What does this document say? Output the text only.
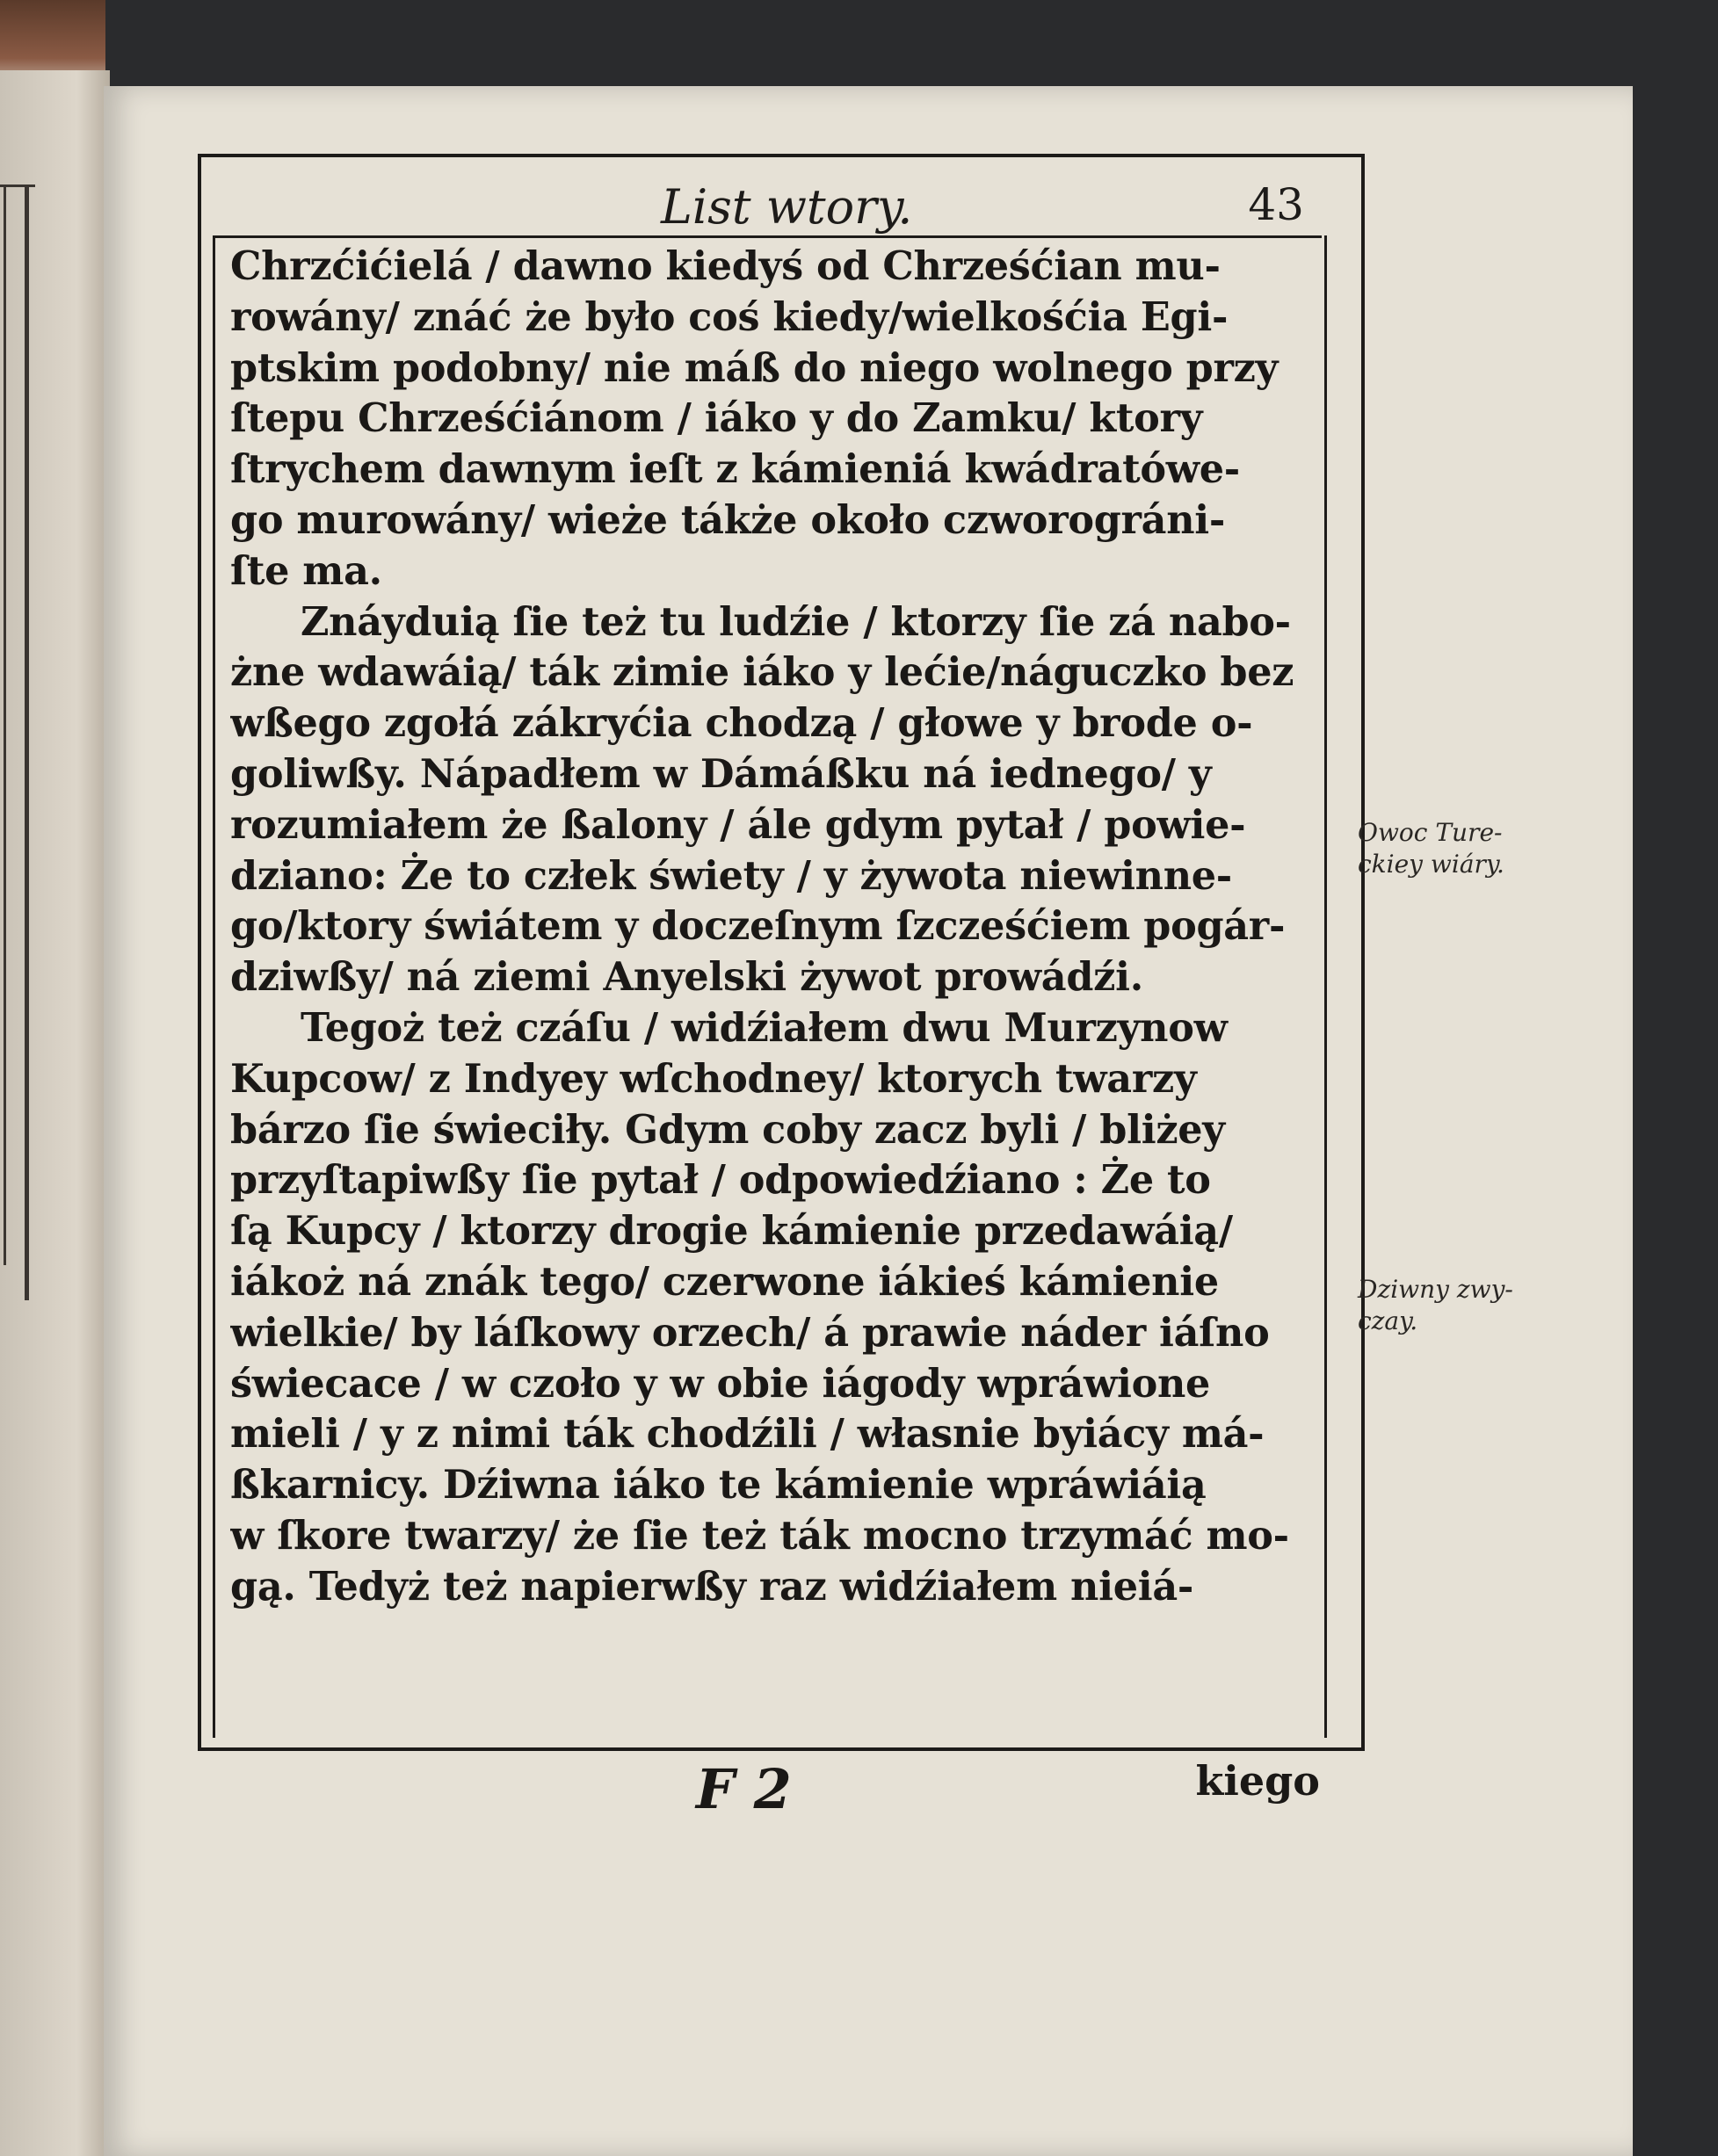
List wtory.	43
Chrzćićielá / dawno kiedyś od Chrześćian mu-
rowány/ znáć że było coś kiedy/wielkośćia Egi-
ptskim podobny/ nie máß do niego wolnego przy
ſtepu Chrześćiánom / iáko y do Zamku/ ktory
ſtrychem dawnym ieſt z kámieniá kwádratówe-
go murowány/ wieże tákże około czworográni-
ſte ma.
Znáyduią ſie też tu ludźie / ktorzy ſie zá nabo-
żne wdawáią/ ták zimie iáko y lećie/náguczko bez
wßego zgołá zákryćia chodzą / głowe y brode o-
goliwßy. Nápadłem w Dámáßku ná iednego/ y
rozumiałem że ßalony / ále gdym pytał / powie-
dziano: Że to człek świety / y żywota niewinne-
go/ktory świátem y doczeſnym ſzcześćiem pogár-
dziwßy/ ná ziemi Anyelski żywot prowádźi.
Tegoż też czáſu / widźiałem dwu Murzynow
Kupcow/ z Indyey wſchodney/ ktorych twarzy
bárzo ſie świeciły. Gdym coby zacz byli / bliżey
przyſtapiwßy ſie pytał / odpowiedźiano : Że to
ſą Kupcy / ktorzy drogie kámienie przedawáią/
iákoż ná znák tego/ czerwone iákieś kámienie
wielkie/ by láſkowy orzech/ á prawie náder iáſno
świecace / w czoło y w obie iágody wpráwione
mieli / y z nimi ták chodźili / własnie byiácy má-
ßkarnicy. Dźiwna iáko te kámienie wpráwiáią
w ſkore twarzy/ że ſie też ták mocno trzymáć mo-
gą. Tedyż też napierwßy raz widźiałem nieiá-
F 2	kiego
Owoc Ture-
ckiey wiáry.
Dziwny zwy-
czay.
